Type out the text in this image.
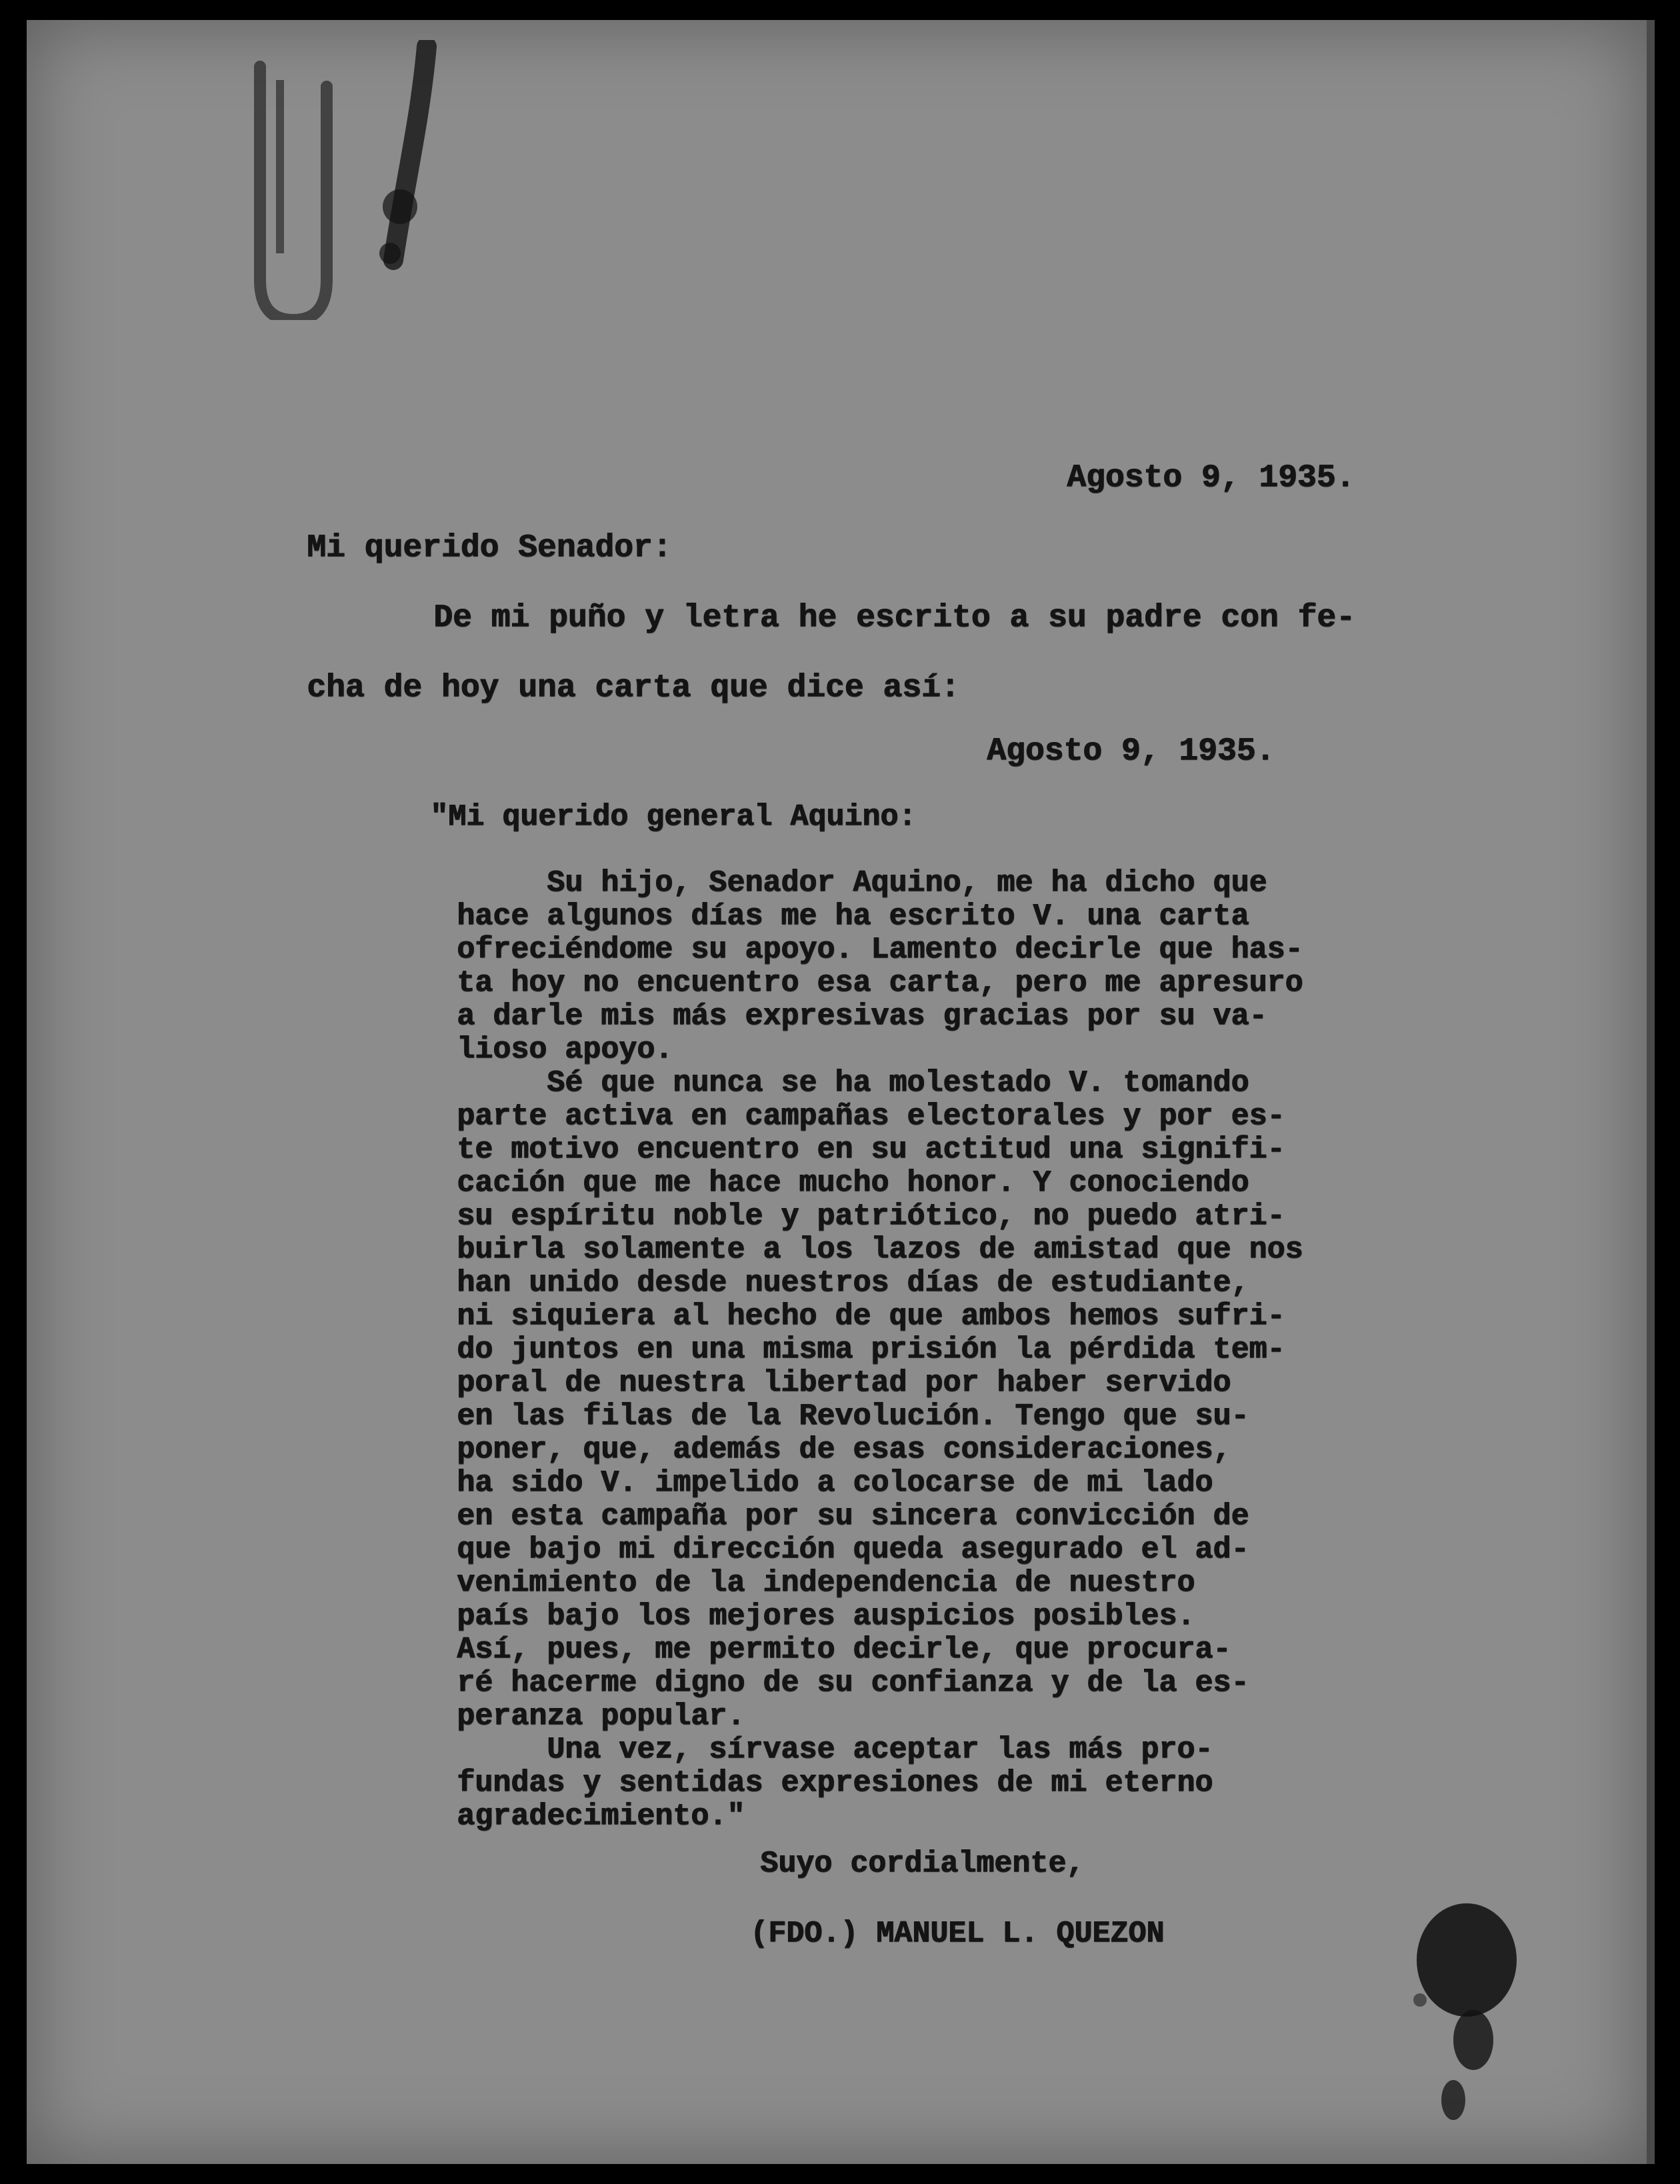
Agosto 9, 1935.

Mi querido Senador:

De mi puño y letra he escrito a su padre con fe-

cha de hoy una carta que dice así:

Agosto 9, 1935.

"Mi querido general Aquino:

Su hijo, Senador Aquino, me ha dicho que
hace algunos días me ha escrito V. una carta
ofreciéndome su apoyo. Lamento decirle que has-
ta hoy no encuentro esa carta, pero me apresuro
a darle mis más expresivas gracias por su va-
lioso apoyo.
Sé que nunca se ha molestado V. tomando
parte activa en campañas electorales y por es-
te motivo encuentro en su actitud una signifi-
cación que me hace mucho honor. Y conociendo
su espíritu noble y patriótico, no puedo atri-
buirla solamente a los lazos de amistad que nos
han unido desde nuestros días de estudiante,
ni siquiera al hecho de que ambos hemos sufri-
do juntos en una misma prisión la pérdida tem-
poral de nuestra libertad por haber servido
en las filas de la Revolución. Tengo que su-
poner, que, además de esas consideraciones,
ha sido V. impelido a colocarse de mi lado
en esta campaña por su sincera convicción de
que bajo mi dirección queda asegurado el ad-
venimiento de la independencia de nuestro
país bajo los mejores auspicios posibles.
Así, pues, me permito decirle, que procura-
ré hacerme digno de su confianza y de la es-
peranza popular.
Una vez, sírvase aceptar las más pro-
fundas y sentidas expresiones de mi eterno
agradecimiento."

Suyo cordialmente,

(FDO.) MANUEL L. QUEZON
